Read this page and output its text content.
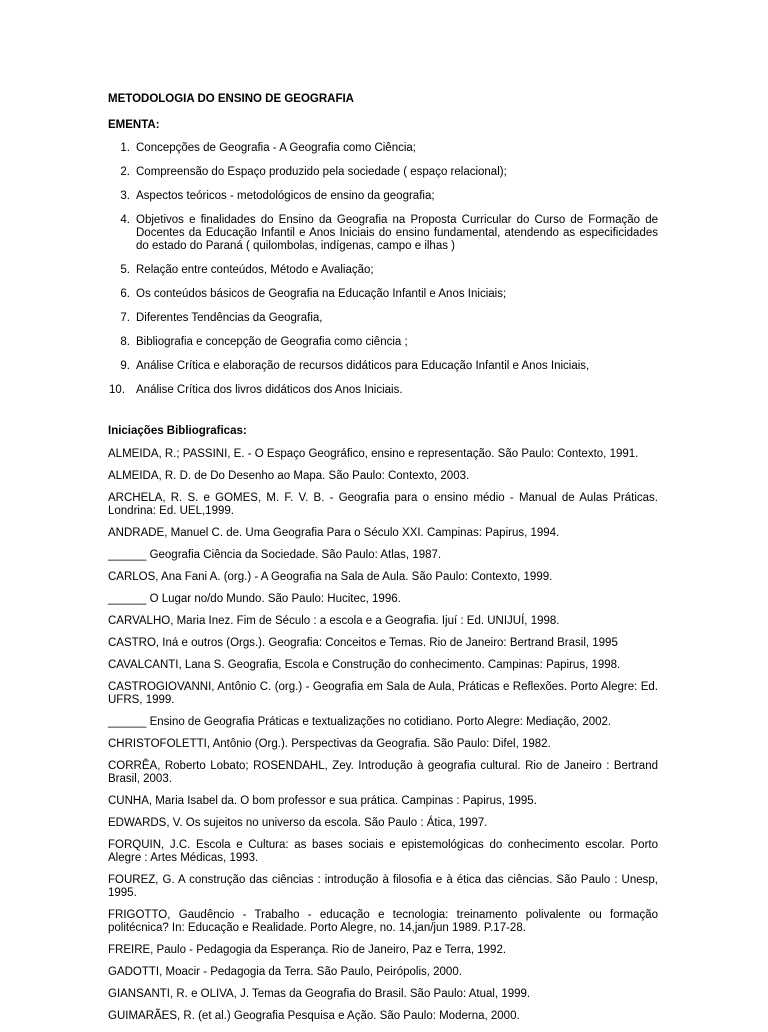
METODOLOGIA DO ENSINO DE GEOGRAFIA
EMENTA:
1. Concepções de Geografia - A Geografia como Ciência;
2. Compreensão do Espaço produzido pela sociedade ( espaço relacional);
3. Aspectos teóricos - metodológicos de ensino da geografia;
4. Objetivos e finalidades do Ensino da Geografia na Proposta Curricular do Curso de Formação de Docentes da Educação Infantil e Anos Iniciais do ensino fundamental, atendendo as especificidades do estado do Paraná ( quilombolas, indígenas, campo e ilhas )
5. Relação entre conteúdos, Método e Avaliação;
6. Os conteúdos básicos de Geografia na Educação Infantil e Anos Iniciais;
7. Diferentes Tendências da Geografia,
8. Bibliografia e concepção de Geografia como ciência ;
9. Análise Crítica e elaboração de recursos didáticos para Educação Infantil e Anos Iniciais,
10. Análise Crítica dos livros didáticos dos Anos Iniciais.
Iniciações Bibliograficas:
ALMEIDA, R.; PASSINI, E. - O Espaço Geográfico, ensino e representação. São Paulo: Contexto, 1991.
ALMEIDA, R. D. de Do Desenho ao Mapa. São Paulo: Contexto, 2003.
ARCHELA, R. S. e GOMES, M. F. V. B. - Geografia para o ensino médio - Manual de Aulas Práticas. Londrina: Ed. UEL,1999.
ANDRADE, Manuel C. de. Uma Geografia Para o Século XXI. Campinas: Papirus, 1994.
______ Geografia Ciência da Sociedade. São Paulo: Atlas, 1987.
CARLOS, Ana Fani A. (org.) - A Geografia na Sala de Aula. São Paulo: Contexto, 1999.
______ O Lugar no/do Mundo. São Paulo: Hucitec, 1996.
CARVALHO, Maria Inez. Fim de Século : a escola e a Geografia. Ijuí : Ed. UNIJUÍ, 1998.
CASTRO, Iná e outros (Orgs.). Geografia: Conceitos e Temas. Rio de Janeiro: Bertrand Brasil, 1995
CAVALCANTI, Lana S. Geografia, Escola e Construção do conhecimento. Campinas: Papirus, 1998.
CASTROGIOVANNI, Antônio C. (org.) - Geografia em Sala de Aula, Práticas e Reflexões. Porto Alegre: Ed. UFRS, 1999.
______ Ensino de Geografia Práticas e textualizações no cotidiano. Porto Alegre: Mediação, 2002.
CHRISTOFOLETTI, Antônio (Org.). Perspectivas da Geografia. São Paulo: Difel, 1982.
CORRÊA, Roberto Lobato; ROSENDAHL, Zey. Introdução à geografia cultural. Rio de Janeiro : Bertrand Brasil, 2003.
CUNHA, Maria Isabel da. O bom professor e sua prática. Campinas : Papirus, 1995.
EDWARDS, V. Os sujeitos no universo da escola. São Paulo : Ática, 1997.
FORQUIN, J.C. Escola e Cultura: as bases sociais e epistemológicas do conhecimento escolar. Porto Alegre : Artes Médicas, 1993.
FOUREZ, G. A construção das ciências : introdução à filosofia e à ética das ciências. São Paulo : Unesp, 1995.
FRIGOTTO, Gaudêncio - Trabalho - educação e tecnologia: treinamento polivalente ou formação politécnica? In: Educação e Realidade. Porto Alegre, no. 14,jan/jun 1989. P.17-28.
FREIRE, Paulo - Pedagogia da Esperança. Rio de Janeiro, Paz e Terra, 1992.
GADOTTI, Moacir - Pedagogia da Terra. São Paulo, Peirópolis, 2000.
GIANSANTI, R. e OLIVA, J. Temas da Geografia do Brasil. São Paulo: Atual, 1999.
GUIMARÃES, R. (et al.) Geografia Pesquisa e Ação. São Paulo: Moderna, 2000.
